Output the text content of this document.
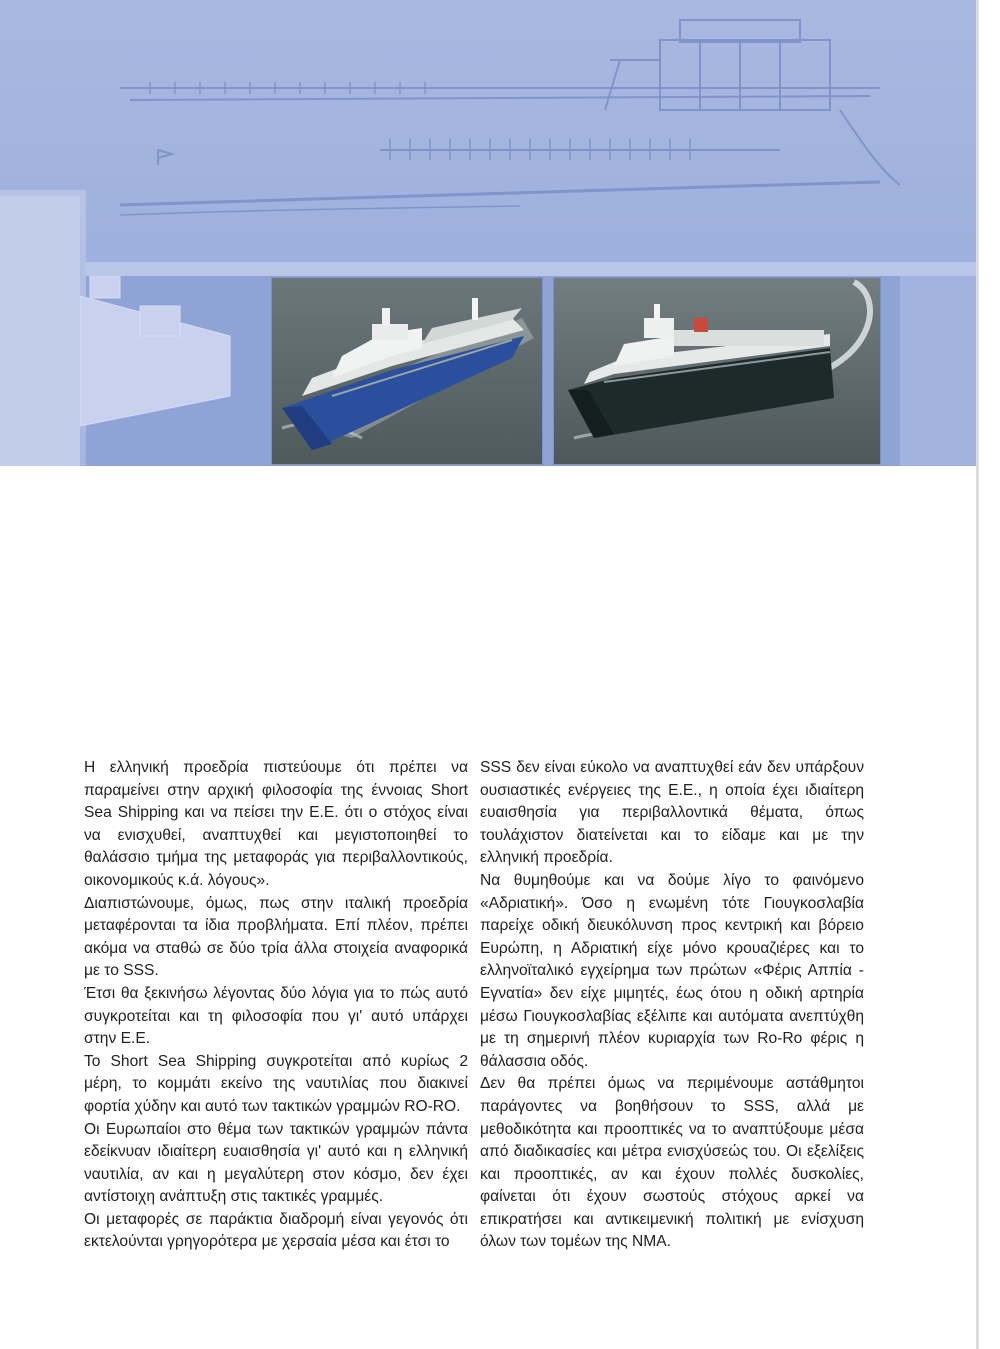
Η ελληνική προεδρία πιστεύουμε ότι πρέπει να παραμείνει στην αρχική φιλοσοφία της έννοιας Short Sea Shipping και να πείσει την Ε.Ε. ότι ο στόχος είναι να ενισχυθεί, αναπτυχθεί και μεγιστοποιηθεί το θαλάσσιο τμήμα της μεταφοράς για περιβαλλοντικούς, οικονομικούς κ.ά. λόγους».

Διαπιστώνουμε, όμως, πως στην ιταλική προεδρία μεταφέρονται τα ίδια προβλήματα. Επί πλέον, πρέπει ακόμα να σταθώ σε δύο τρία άλλα στοιχεία αναφορικά με το SSS.

Έτσι θα ξεκινήσω λέγοντας δύο λόγια για το πώς αυτό συγκροτείται και τη φιλοσοφία που γι' αυτό υπάρχει στην Ε.Ε.

To Short Sea Shipping συγκροτείται από κυρίως 2 μέρη, το κομμάτι εκείνο της ναυτιλίας που διακινεί φορτία χύδην και αυτό των τακτικών γραμμών RO-RO.

Οι Ευρωπαίοι στο θέμα των τακτικών γραμμών πάντα εδείκνυαν ιδιαίτερη ευαισθησία γι' αυτό και η ελληνική ναυτιλία, αν και η μεγαλύτερη στον κόσμο, δεν έχει αντίστοιχη ανάπτυξη στις τακτικές γραμμές.

Οι μεταφορές σε παράκτια διαδρομή είναι γεγονός ότι εκτελούνται γρηγορότερα με χερσαία μέσα και έτσι το

SSS δεν είναι εύκολο να αναπτυχθεί εάν δεν υπάρξουν ουσιαστικές ενέργειες της Ε.Ε., η οποία έχει ιδιαίτερη ευαισθησία για περιβαλλοντικά θέματα, όπως τουλάχιστον διατείνεται και το είδαμε και με την ελληνική προεδρία.

Να θυμηθούμε και να δούμε λίγο το φαινόμενο «Αδριατική». Όσο η ενωμένη τότε Γιουγκοσλαβία παρείχε οδική διευκόλυνση προς κεντρική και βόρειο Ευρώπη, η Αδριατική είχε μόνο κρουαζιέρες και το ελληνοϊταλικό εγχείρημα των πρώτων «Φέρις Αππία - Εγνατία» δεν είχε μιμητές, έως ότου η οδική αρτηρία μέσω Γιουγκοσλαβίας εξέλιπε και αυτόματα ανεπτύχθη με τη σημερινή πλέον κυριαρχία των Ro-Ro φέρις η θάλασσια οδός.

Δεν θα πρέπει όμως να περιμένουμε αστάθμητοι παράγοντες να βοηθήσουν το SSS, αλλά με μεθοδικότητα και προοπτικές να το αναπτύξουμε μέσα από διαδικασίες και μέτρα ενισχύσεώς του. Οι εξελίξεις και προοπτικές, αν και έχουν πολλές δυσκολίες, φαίνεται ότι έχουν σωστούς στόχους αρκεί να επικρατήσει και αντικειμενική πολιτική με ενίσχυση όλων των τομέων της ΝΜΑ.
